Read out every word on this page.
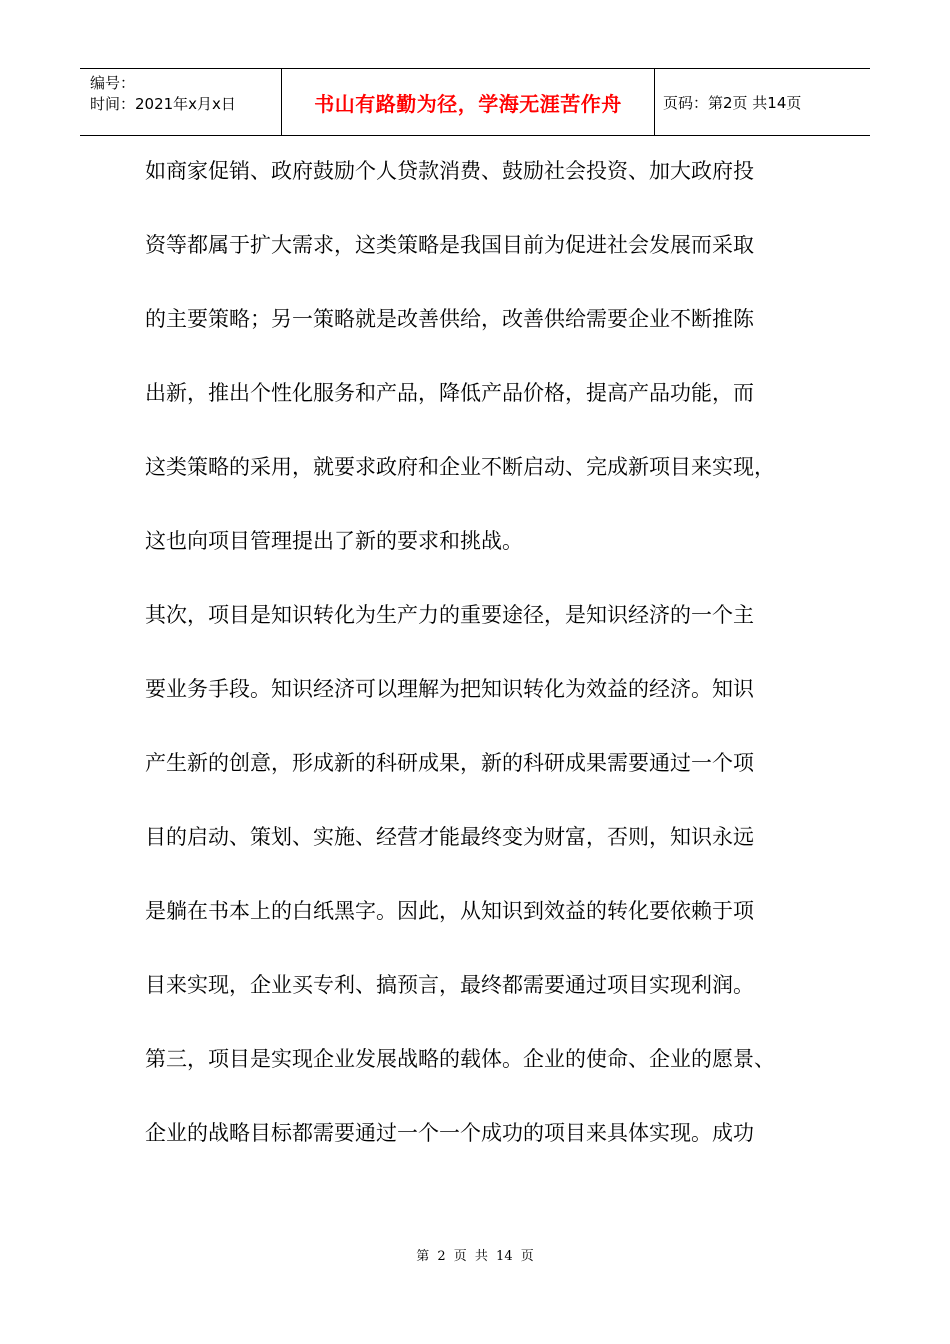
编号：
时间：2021年x月x日	书山有路勤为径，学海无涯苦作舟	页码：第2页 共14页
如商家促销、政府鼓励个人贷款消费、鼓励社会投资、加大政府投
资等都属于扩大需求，这类策略是我国目前为促进社会发展而采取
的主要策略；另一策略就是改善供给，改善供给需要企业不断推陈
出新，推出个性化服务和产品，降低产品价格，提高产品功能，而
这类策略的采用，就要求政府和企业不断启动、完成新项目来实现，
这也向项目管理提出了新的要求和挑战。
其次，项目是知识转化为生产力的重要途径，是知识经济的一个主
要业务手段。知识经济可以理解为把知识转化为效益的经济。知识
产生新的创意，形成新的科研成果，新的科研成果需要通过一个项
目的启动、策划、实施、经营才能最终变为财富，否则，知识永远
是躺在书本上的白纸黑字。因此，从知识到效益的转化要依赖于项
目来实现，企业买专利、搞预言，最终都需要通过项目实现利润。
第三，项目是实现企业发展战略的载体。企业的使命、企业的愿景、
企业的战略目标都需要通过一个一个成功的项目来具体实现。成功
第 2 页 共 14 页
